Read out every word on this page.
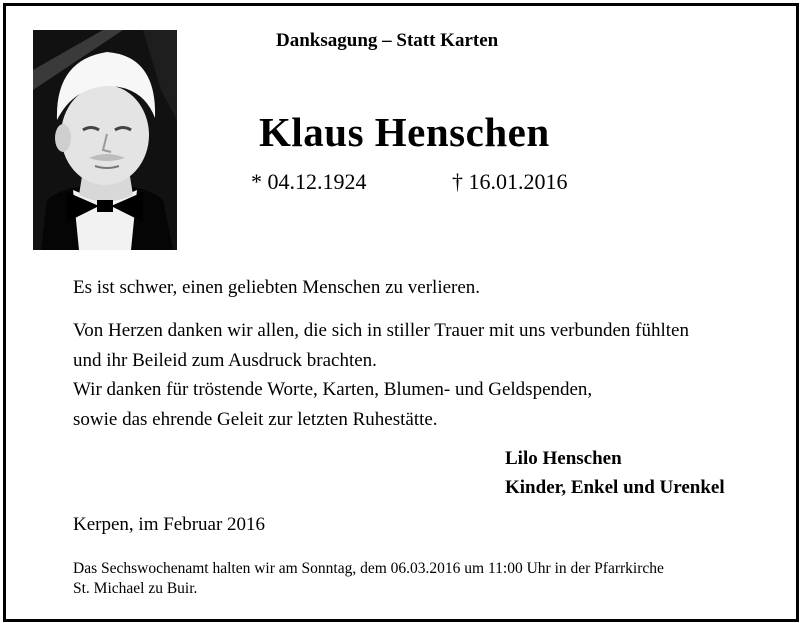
Danksagung – Statt Karten
Klaus Henschen
* 04.12.1924	† 16.01.2016
Es ist schwer, einen geliebten Menschen zu verlieren.
Von Herzen danken wir allen, die sich in stiller Trauer mit uns verbunden fühlten
und ihr Beileid zum Ausdruck brachten.
Wir danken für tröstende Worte, Karten, Blumen- und Geldspenden,
sowie das ehrende Geleit zur letzten Ruhestätte.
Lilo Henschen
Kinder, Enkel und Urenkel
Kerpen, im Februar 2016
Das Sechswochenamt halten wir am Sonntag, dem 06.03.2016 um 11:00 Uhr in der Pfarrkirche
St. Michael zu Buir.
